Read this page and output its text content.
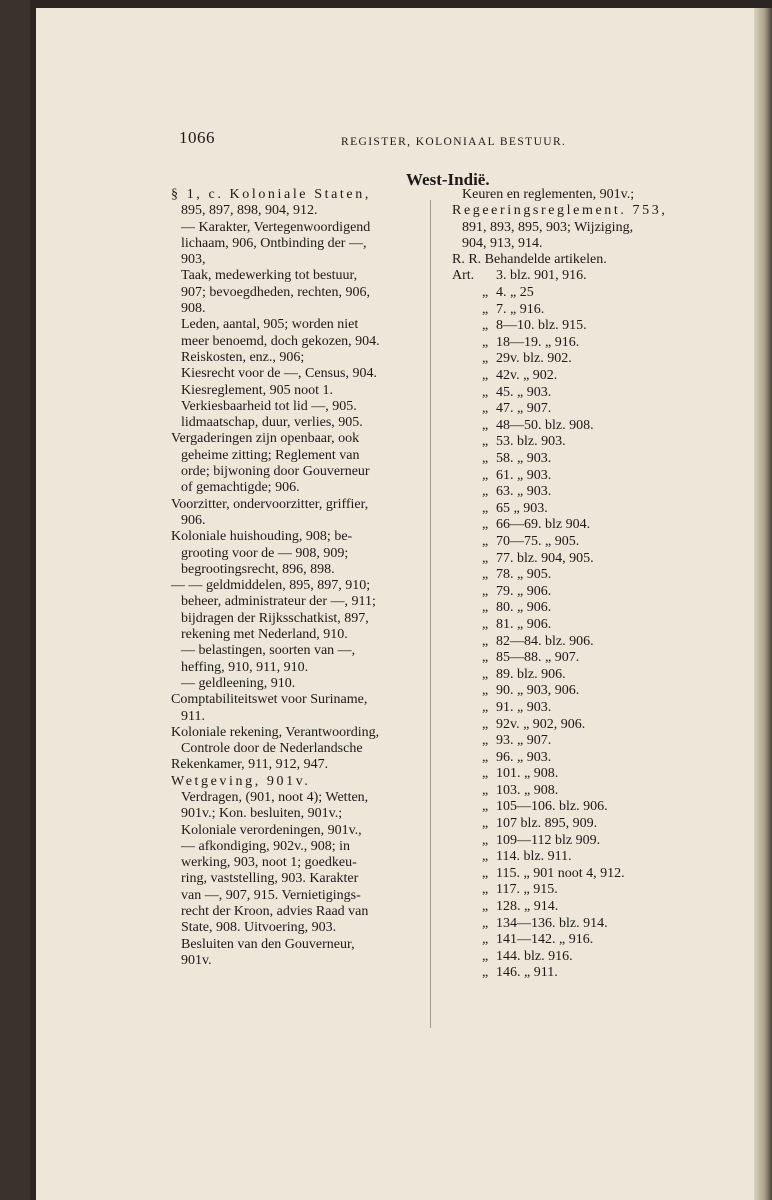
1066	REGISTER, KOLONIAAL BESTUUR.
West-Indië.
§ 1, c. Koloniale Staten,
895, 897, 898, 904, 912.
— Karakter, Vertegenwoordigend
lichaam, 906, Ontbinding der —,
903,
Taak, medewerking tot bestuur,
907; bevoegdheden, rechten, 906,
908.
Leden, aantal, 905; worden niet
meer benoemd, doch gekozen, 904.
Reiskosten, enz., 906;
Kiesrecht voor de —, Census, 904.
Kiesreglement, 905 noot 1.
Verkiesbaarheid tot lid —, 905.
lidmaatschap, duur, verlies, 905.
Vergaderingen zijn openbaar, ook
geheime zitting; Reglement van
orde; bijwoning door Gouverneur
of gemachtigde; 906.
Voorzitter, ondervoorzitter, griffier,
906.
Koloniale huishouding, 908; be-
grooting voor de — 908, 909;
begrootingsrecht, 896, 898.
— — geldmiddelen, 895, 897, 910;
beheer, administrateur der —, 911;
bijdragen der Rijksschatkist, 897,
rekening met Nederland, 910.
— belastingen, soorten van —,
heffing, 910, 911, 910.
— geldleening, 910.
Comptabiliteitswet voor Suriname,
911.
Koloniale rekening, Verantwoording,
Controle door de Nederlandsche
Rekenkamer, 911, 912, 947.
Wetgeving, 901v.
Verdragen, (901, noot 4); Wetten,
901v.; Kon. besluiten, 901v.;
Koloniale verordeningen, 901v.,
— afkondiging, 902v., 908; in
werking, 903, noot 1; goedkeu-
ring, vaststelling, 903. Karakter
van —, 907, 915. Vernietigings-
recht der Kroon, advies Raad van
State, 908. Uitvoering, 903.
Besluiten van den Gouverneur,
901v.
Keuren en reglementen, 901v.;
Regeeringsreglement. 753,
891, 893, 895, 903; Wijziging,
904, 913, 914.
R. R. Behandelde artikelen.
Art. 3. blz. 901, 916.
„ 4. „ 25
„ 7. „ 916.
„ 8—10. blz. 915.
„ 18—19. „ 916.
„ 29v. blz. 902.
„ 42v. „ 902.
„ 45. „ 903.
„ 47. „ 907.
„ 48—50. blz. 908.
„ 53. blz. 903.
„ 58. „ 903.
„ 61. „ 903.
„ 63. „ 903.
„ 65 „ 903.
„ 66—69. blz 904.
„ 70—75. „ 905.
„ 77. blz. 904, 905.
„ 78. „ 905.
„ 79. „ 906.
„ 80. „ 906.
„ 81. „ 906.
„ 82—84. blz. 906.
„ 85—88. „ 907.
„ 89. blz. 906.
„ 90. „ 903, 906.
„ 91. „ 903.
„ 92v. „ 902, 906.
„ 93. „ 907.
„ 96. „ 903.
„ 101. „ 908.
„ 103. „ 908.
„ 105—106. blz. 906.
„ 107 blz. 895, 909.
„ 109—112 blz 909.
„ 114. blz. 911.
„ 115. „ 901 noot 4, 912.
„ 117. „ 915.
„ 128. „ 914.
„ 134—136. blz. 914.
„ 141—142. „ 916.
„ 144. blz. 916.
„ 146. „ 911.
